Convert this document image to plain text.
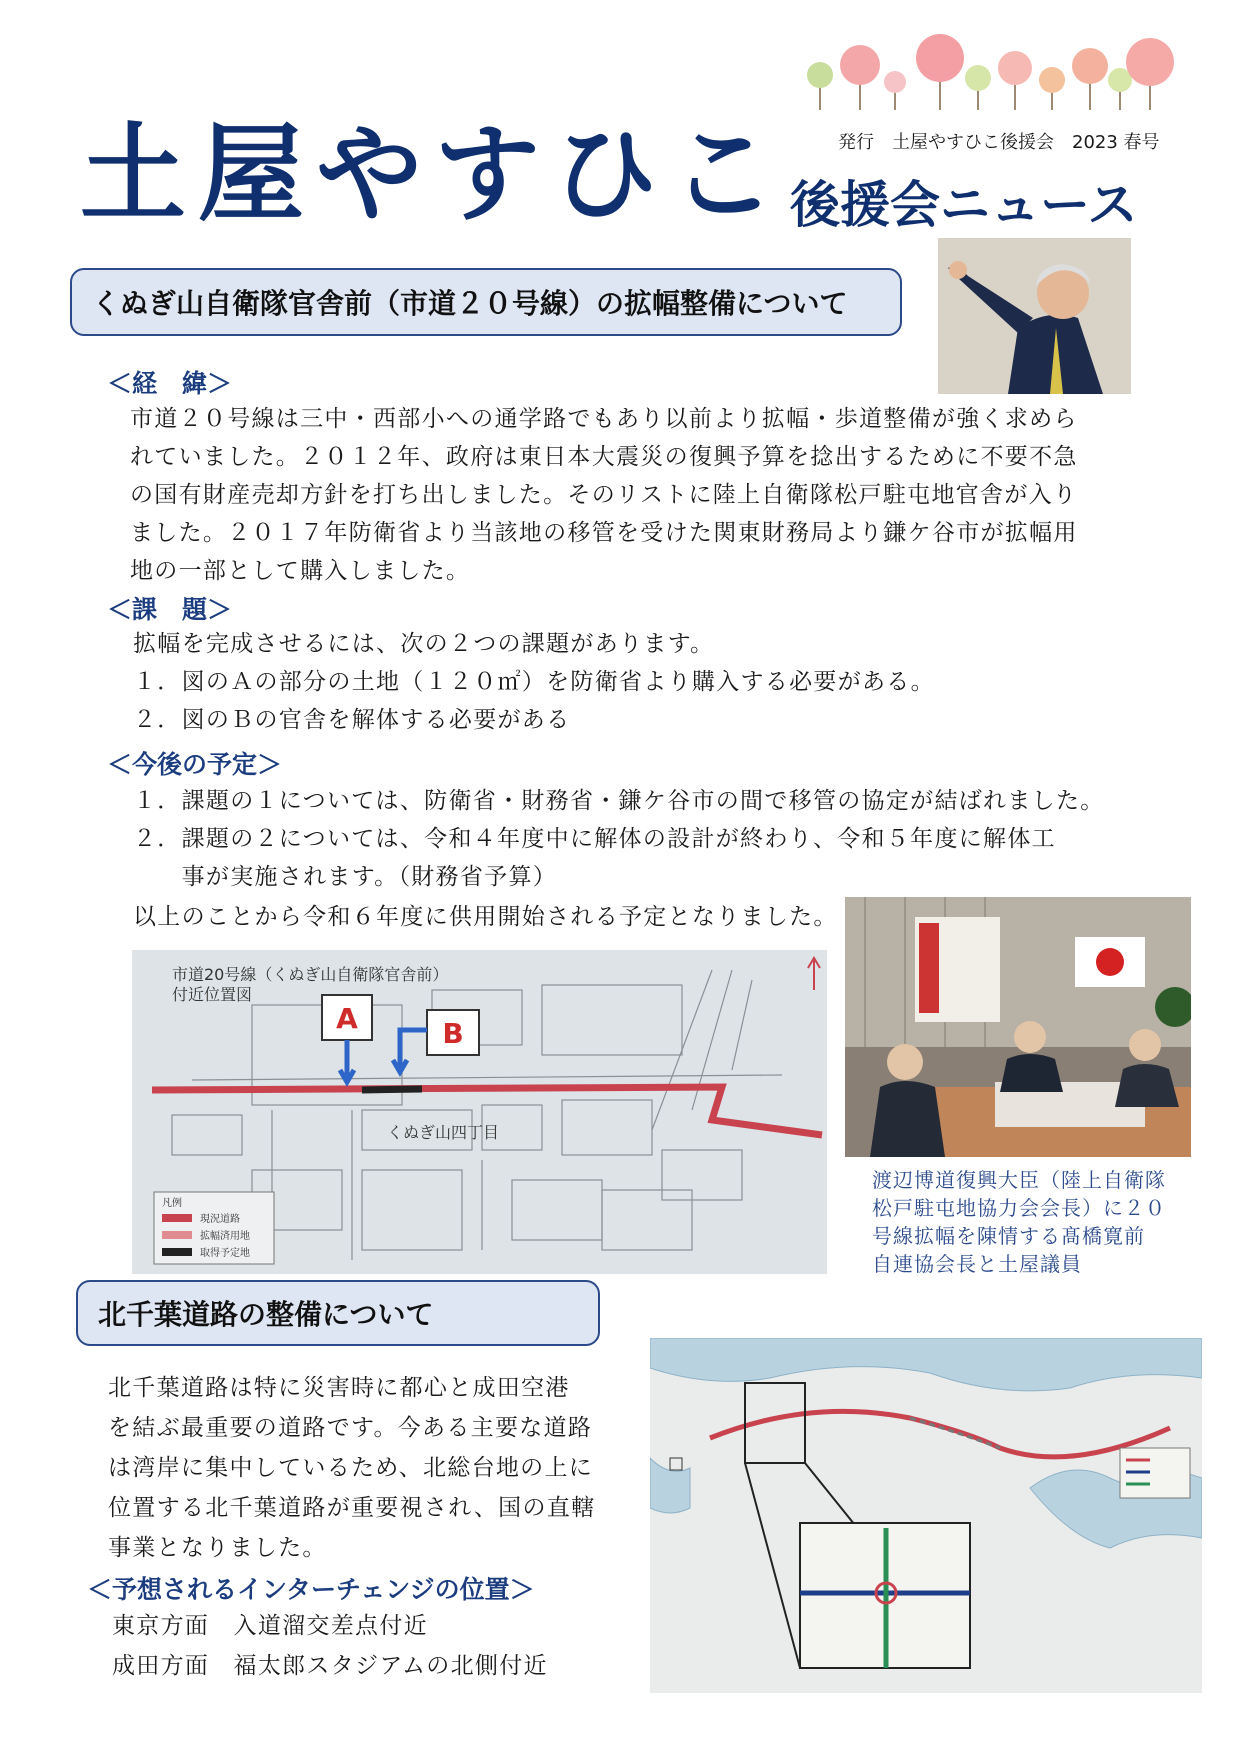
発行　土屋やすひこ後援会　2023 春号
土屋やすひこ 後援会ニュース
くぬぎ山自衛隊官舎前（市道２０号線）の拡幅整備について
＜経　緯＞
市道２０号線は三中・西部小への通学路でもあり以前より拡幅・歩道整備が強く求めら
れていました。２０１２年、政府は東日本大震災の復興予算を捻出するために不要不急
の国有財産売却方針を打ち出しました。そのリストに陸上自衛隊松戸駐屯地官舎が入り
ました。２０１７年防衛省より当該地の移管を受けた関東財務局より鎌ケ谷市が拡幅用
地の一部として購入しました。
＜課　題＞
拡幅を完成させるには、次の２つの課題があります。
１．図のＡの部分の土地（１２０㎡）を防衛省より購入する必要がある。
２．図のＢの官舎を解体する必要がある
＜今後の予定＞
１．課題の１については、防衛省・財務省・鎌ケ谷市の間で移管の協定が結ばれました。
２．課題の２については、令和４年度中に解体の設計が終わり、令和５年度に解体工
　　事が実施されます。（財務省予算）
以上のことから令和６年度に供用開始される予定となりました。
市道20号線（くぬぎ山自衛隊官舎前）
付近位置図
A	B
くぬぎ山四丁目
凡例
現況道路
拡幅済用地
取得予定地
渡辺博道復興大臣（陸上自衛隊
松戸駐屯地協力会会長）に２０
号線拡幅を陳情する髙橋寛前
自連協会長と土屋議員
北千葉道路の整備について
北千葉道路は特に災害時に都心と成田空港
を結ぶ最重要の道路です。今ある主要な道路
は湾岸に集中しているため、北総台地の上に
位置する北千葉道路が重要視され、国の直轄
事業となりました。
＜予想されるインターチェンジの位置＞
東京方面　 入道溜交差点付近
成田方面　 福太郎スタジアムの北側付近
